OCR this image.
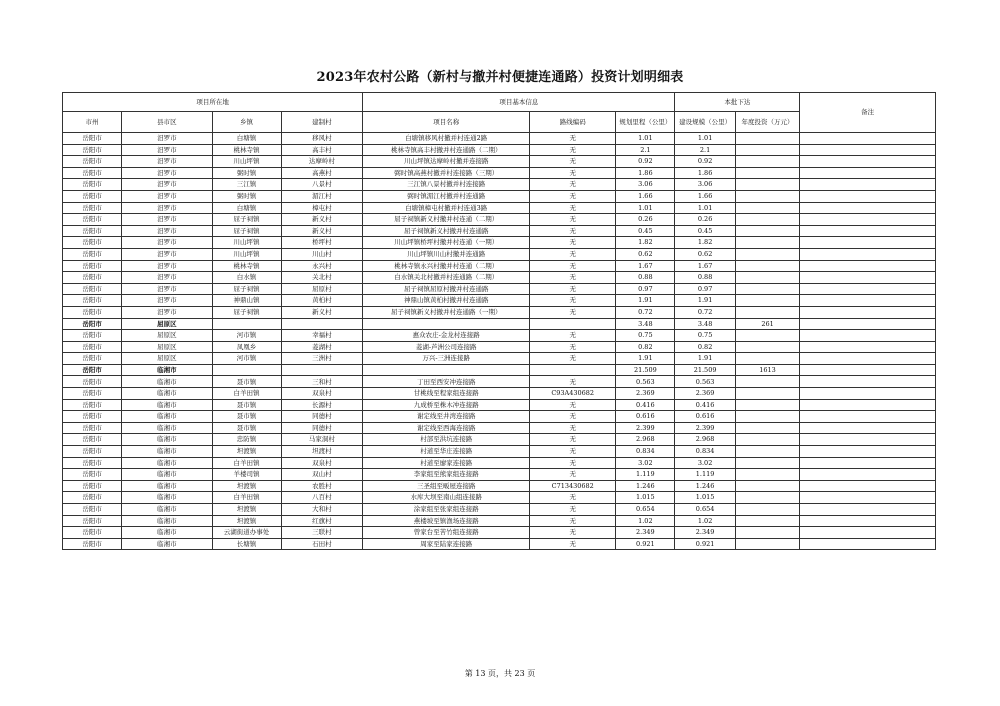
2023年农村公路（新村与撤并村便捷连通路）投资计划明细表
项目所在地				项目基本信息			本批下达		备注
市州	县市区	乡镇	建制村	项目名称	路线编码	规划里程（公里）	建设规模（公里）	年度投资（万元）	
岳阳市	汨罗市	白塘镇	移风村	白塘镇移风村撤并村连通2路	无	1.01	1.01		
岳阳市	汨罗市	桃林寺镇	高丰村	桃林寺镇高丰村撤并村连通路（二期）	无	2.1	2.1		
岳阳市	汨罗市	川山坪镇	达摩岭村	川山坪镇达摩岭村撤并连接路	无	0.92	0.92		
岳阳市	汨罗市	弼时镇	高燕村	弼时镇高燕村撤并村连接路（三期）	无	1.86	1.86		
岳阳市	汨罗市	三江镇	八景村	三江镇八景村撤并村连接路	无	3.06	3.06		
岳阳市	汨罗市	弼时镇	湄江村	弼时镇湄江村撤并村连通路	无	1.66	1.66		
岳阳市	汨罗市	白塘镇	樟屯村	白塘镇樟屯村撤并村连通3路	无	1.01	1.01		
岳阳市	汨罗市	屈子祠镇	新义村	屈子祠镇新义村撤并村连通（二期）	无	0.26	0.26		
岳阳市	汨罗市	屈子祠镇	新义村	屈子祠镇新义村撤并村连通路	无	0.45	0.45		
岳阳市	汨罗市	川山坪镇	桥坪村	川山坪镇桥坪村撤并村连通（一期）	无	1.82	1.82		
岳阳市	汨罗市	川山坪镇	川山村	川山坪镇川山村撤并连通路	无	0.62	0.62		
岳阳市	汨罗市	桃林寺镇	永兴村	桃林寺镇永兴村撤并村连通（二期）	无	1.67	1.67		
岳阳市	汨罗市	白水镇	关北村	白水镇关北村撤并村连通路（二期）	无	0.88	0.88		
岳阳市	汨罗市	屈子祠镇	屈原村	屈子祠镇屈原村撤并村连通路	无	0.97	0.97		
岳阳市	汨罗市	神鼎山镇	黄柏村	神鼎山镇黄柏村撤并村连通路	无	1.91	1.91		
岳阳市	汨罗市	屈子祠镇	新义村	屈子祠镇新义村撤并村连通路（一期）	无	0.72	0.72		
岳阳市	屈原区					3.48	3.48	261	
岳阳市	屈原区	河市镇	幸福村	惠众农庄-金龙村连接路	无	0.75	0.75		
岳阳市	屈原区	凤凰乡	菱湖村	菱湖-芦洲公司连接路	无	0.82	0.82		
岳阳市	屈原区	河市镇	三洲村	万兴-三洲连接路	无	1.91	1.91		
岳阳市	临湘市					21.509	21.509	1613	
岳阳市	临湘市	聂市镇	三和村	丁田至西安冲连接路	无	0.563	0.563		
岳阳市	临湘市	白羊田镇	双泉村	甘桃线至程家组连接路	C93A430682	2.369	2.369		
岳阳市	临湘市	聂市镇	长源村	九成桥至株木冲连接路	无	0.416	0.416		
岳阳市	临湘市	聂市镇	同德村	谢定线至井湾连接路	无	0.616	0.616		
岳阳市	临湘市	聂市镇	同德村	谢定线至西海连接路	无	2.399	2.399		
岳阳市	临湘市	忠防镇	马家洞村	村部至洪坑连接路	无	2.968	2.968		
岳阳市	临湘市	坦渡镇	坦渡村	村道至华庄连接路	无	0.834	0.834		
岳阳市	临湘市	白羊田镇	双泉村	村道至廖家连接路	无	3.02	3.02		
岳阳市	临湘市	羊楼司镇	双山村	李家组至熊家组连接路	无	1.119	1.119		
岳阳市	临湘市	坦渡镇	农胜村	三圣组至畈屋连接路	C713430682	1.246	1.246		
岳阳市	临湘市	白羊田镇	八百村	水库大坝至南山组连接路	无	1.015	1.015		
岳阳市	临湘市	坦渡镇	大和村	涂家组至张家组连接路	无	0.654	0.654		
岳阳市	临湘市	坦渡镇	红旗村	燕楼坡至镇渔场连接路	无	1.02	1.02		
岳阳市	临湘市	云湖街道办事处	三联村	曾家台至苦竹组连接路	无	2.349	2.349		
岳阳市	临湘市	长塘镇	石田村	周家至陆家连接路	无	0.921	0.921		
第 13 页，共 23 页
